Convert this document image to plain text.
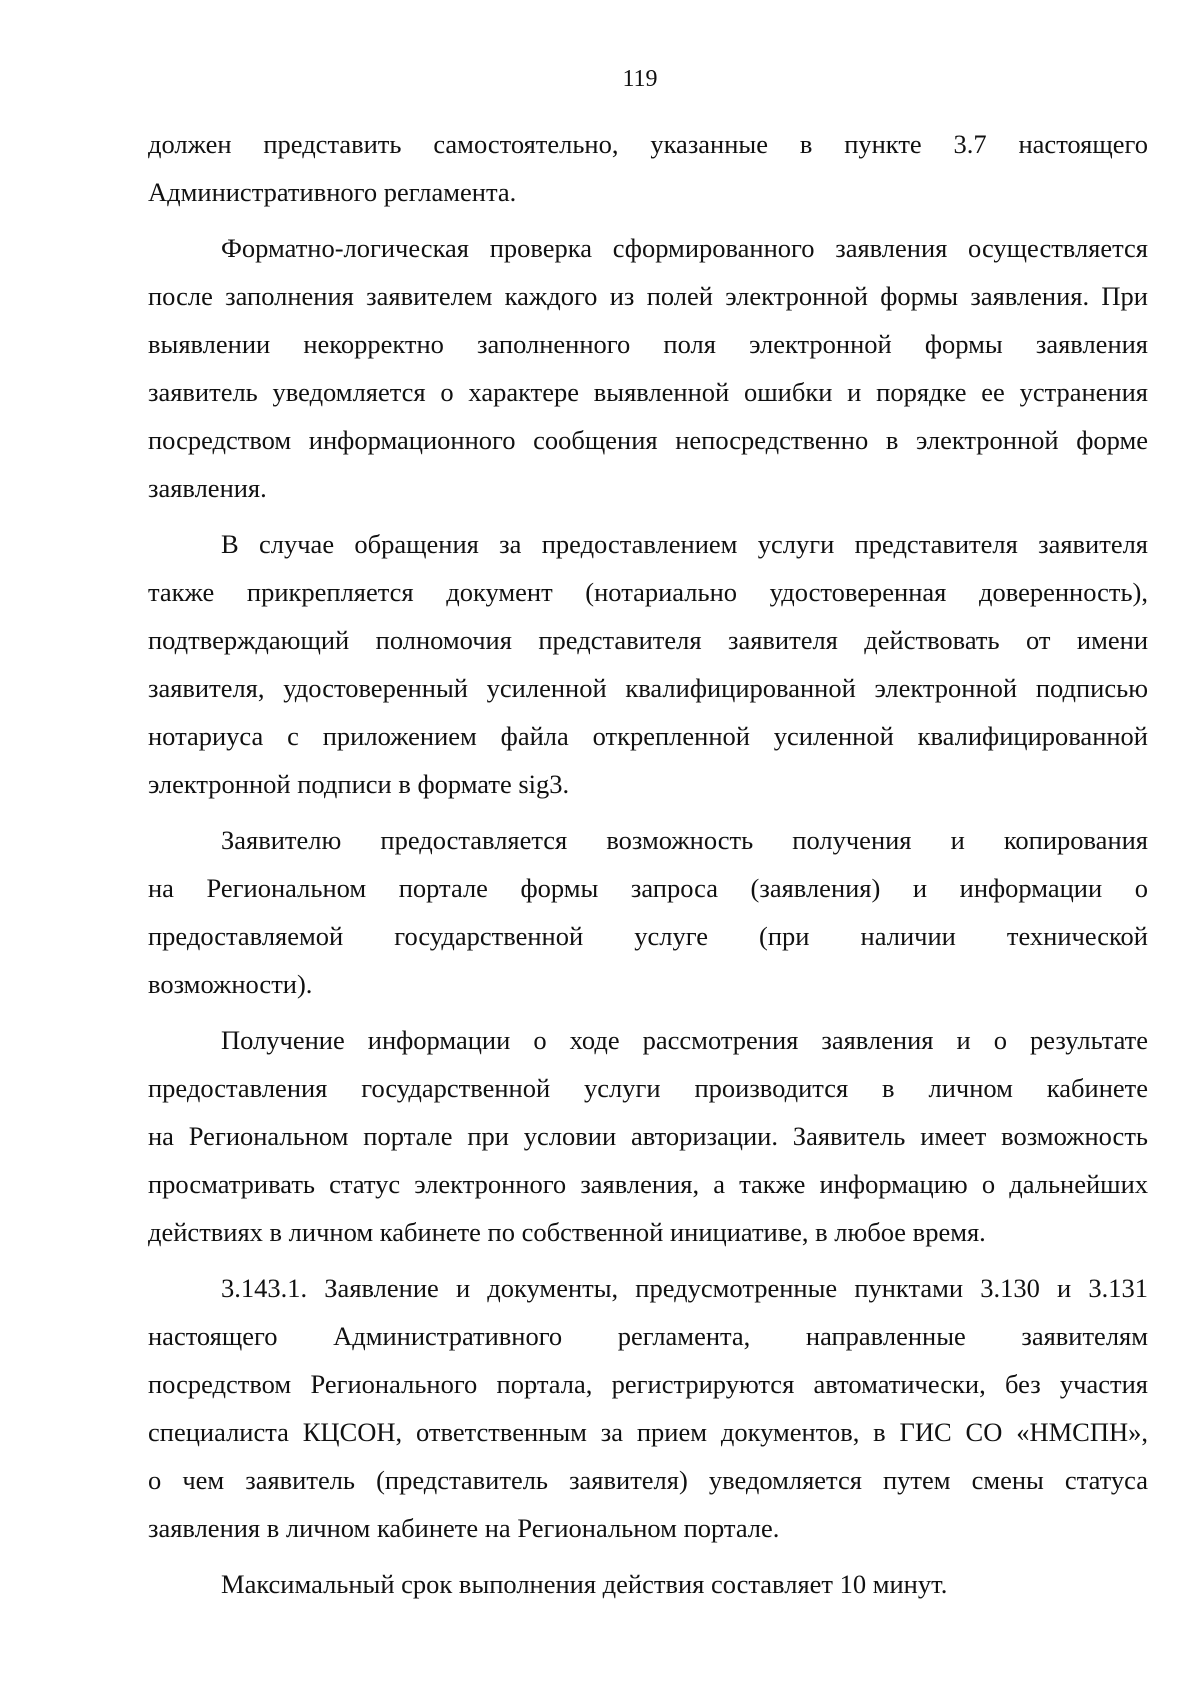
119
должен представить самостоятельно, указанные в пункте 3.7 настоящего
Административного регламента.
Форматно-логическая проверка сформированного заявления осуществляется
после заполнения заявителем каждого из полей электронной формы заявления. При
выявлении некорректно заполненного поля электронной формы заявления
заявитель уведомляется о характере выявленной ошибки и порядке ее устранения
посредством информационного сообщения непосредственно в электронной форме
заявления.
В случае обращения за предоставлением услуги представителя заявителя
также прикрепляется документ (нотариально удостоверенная доверенность),
подтверждающий полномочия представителя заявителя действовать от имени
заявителя, удостоверенный усиленной квалифицированной электронной подписью
нотариуса с приложением файла открепленной усиленной квалифицированной
электронной подписи в формате sig3.
Заявителю предоставляется возможность получения и копирования
на Региональном портале формы запроса (заявления) и информации о
предоставляемой государственной услуге (при наличии технической
возможности).
Получение информации о ходе рассмотрения заявления и о результате
предоставления государственной услуги производится в личном кабинете
на Региональном портале при условии авторизации. Заявитель имеет возможность
просматривать статус электронного заявления, а также информацию о дальнейших
действиях в личном кабинете по собственной инициативе, в любое время.
3.143.1. Заявление и документы, предусмотренные пунктами 3.130 и 3.131
настоящего Административного регламента, направленные заявителям
посредством Регионального портала, регистрируются автоматически, без участия
специалиста КЦСОН, ответственным за прием документов, в ГИС СО «НМСПН»,
о чем заявитель (представитель заявителя) уведомляется путем смены статуса
заявления в личном кабинете на Региональном портале.
Максимальный срок выполнения действия составляет 10 минут.
